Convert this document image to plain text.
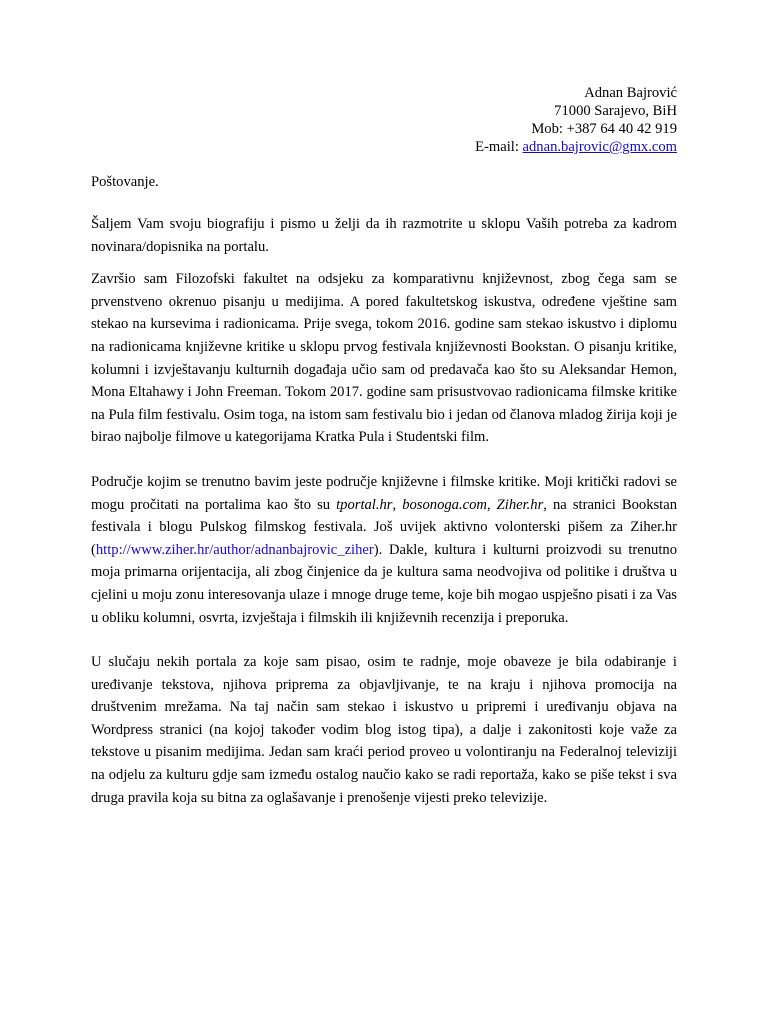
Adnan Bajrović
71000 Sarajevo, BiH
Mob: +387 64 40 42 919
E-mail: adnan.bajrovic@gmx.com
Poštovanje.

Šaljem Vam svoju biografiju i pismo u želji da ih razmotrite u sklopu Vaših potreba za kadrom novinara/dopisnika na portalu.

Završio sam Filozofski fakultet na odsjeku za komparativnu književnost, zbog čega sam se prvenstveno okrenuo pisanju u medijima. A pored fakultetskog iskustva, određene vještine sam stekao na kursevima i radionicama. Prije svega, tokom 2016. godine sam stekao iskustvo i diplomu na radionicama književne kritike u sklopu prvog festivala književnosti Bookstan. O pisanju kritike, kolumni i izvještavanju kulturnih događaja učio sam od predavača kao što su Aleksandar Hemon, Mona Eltahawy i John Freeman. Tokom 2017. godine sam prisustvovao radionicama filmske kritike na Pula film festivalu. Osim toga, na istom sam festivalu bio i jedan od članova mladog žirija koji je birao najbolje filmove u kategorijama Kratka Pula i Studentski film.

Područje kojim se trenutno bavim jeste područje književne i filmske kritike. Moji kritički radovi se mogu pročitati na portalima kao što su tportal.hr, bosonoga.com, Ziher.hr, na stranici Bookstan festivala i blogu Pulskog filmskog festivala. Još uvijek aktivno volonterski pišem za Ziher.hr (http://www.ziher.hr/author/adnanbajrovic_ziher). Dakle, kultura i kulturni proizvodi su trenutno moja primarna orijentacija, ali zbog činjenice da je kultura sama neodvojiva od politike i društva u cjelini u moju zonu interesovanja ulaze i mnoge druge teme, koje bih mogao uspješno pisati i za Vas u obliku kolumni, osvrta, izvještaja i filmskih ili književnih recenzija i preporuka.

U slučaju nekih portala za koje sam pisao, osim te radnje, moje obaveze je bila odabiranje i uređivanje tekstova, njihova priprema za objavljivanje, te na kraju i njihova promocija na društvenim mrežama. Na taj način sam stekao i iskustvo u pripremi i uređivanju objava na Wordpress stranici (na kojoj također vodim blog istog tipa), a dalje i zakonitosti koje važe za tekstove u pisanim medijima. Jedan sam kraći period proveo u volontiranju na Federalnoj televiziji na odjelu za kulturu gdje sam između ostalog naučio kako se radi reportaža, kako se piše tekst i sva druga pravila koja su bitna za oglašavanje i prenošenje vijesti preko televizije.
